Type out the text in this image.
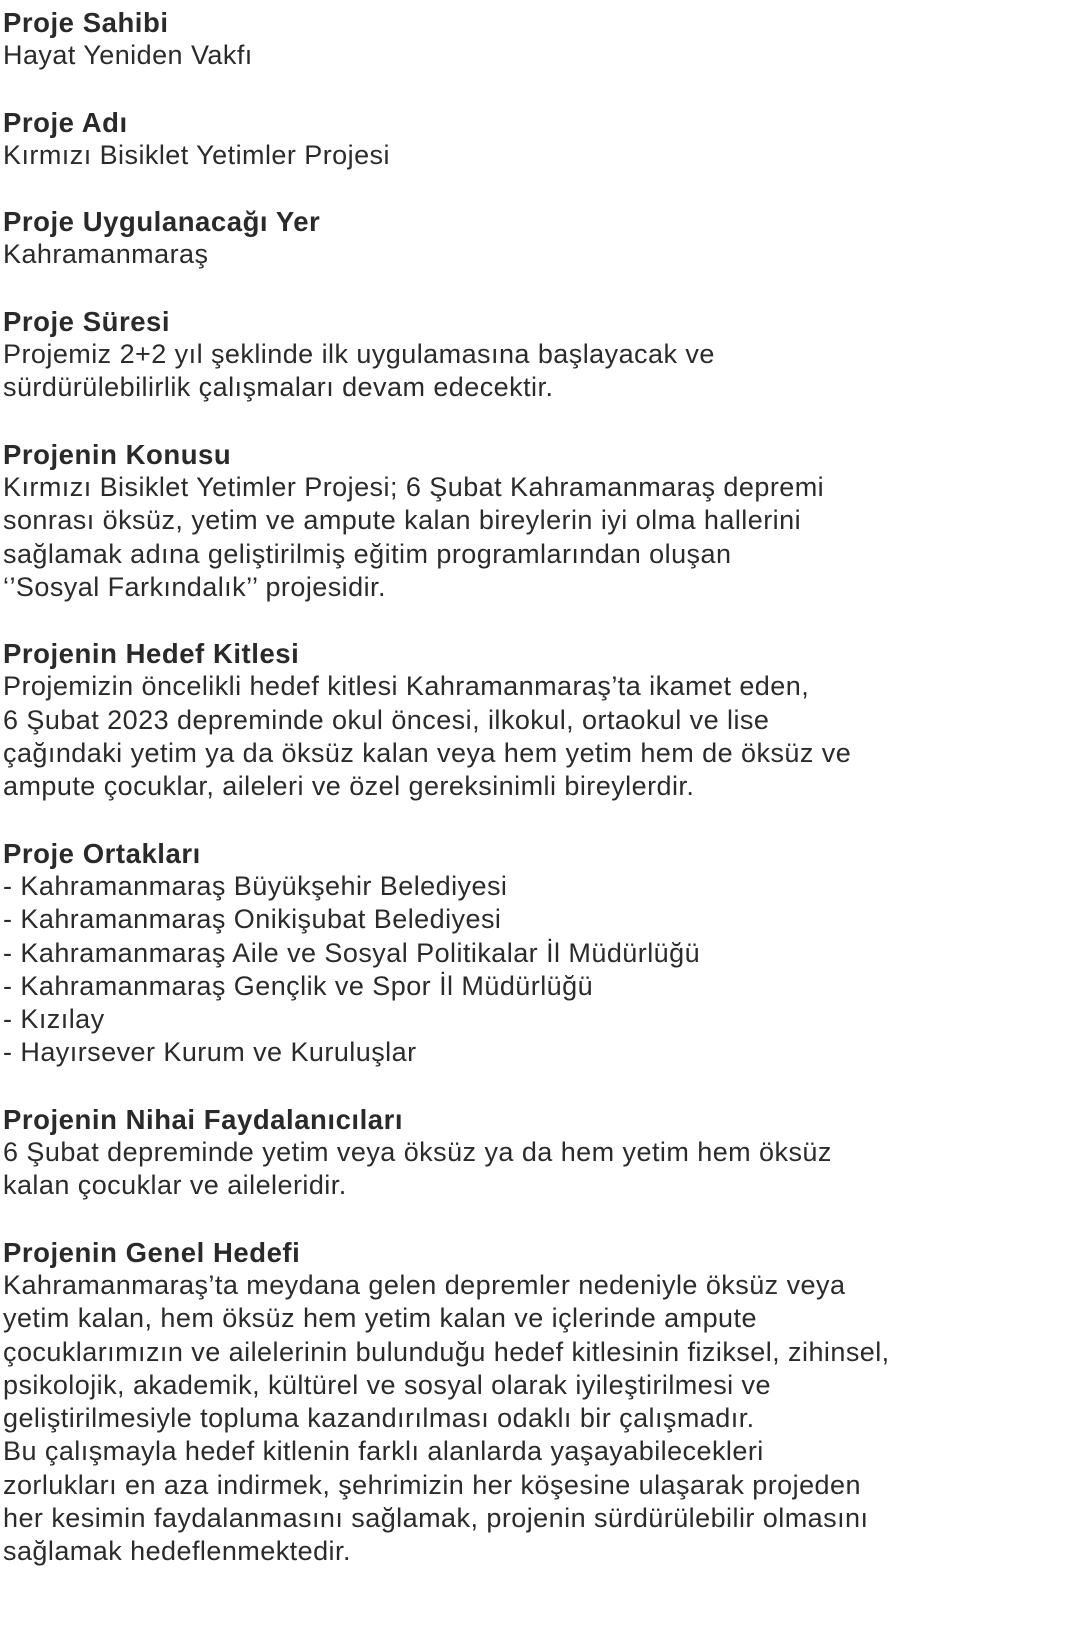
Proje Sahibi
Hayat Yeniden Vakfı
Proje Adı
Kırmızı Bisiklet Yetimler Projesi
Proje Uygulanacağı Yer
Kahramanmaraş
Proje Süresi
Projemiz 2+2 yıl şeklinde ilk uygulamasına başlayacak ve
sürdürülebilirlik çalışmaları devam edecektir.
Projenin Konusu
Kırmızı Bisiklet Yetimler Projesi; 6 Şubat Kahramanmaraş depremi
sonrası öksüz, yetim ve ampute kalan bireylerin iyi olma hallerini
sağlamak adına geliştirilmiş eğitim programlarından oluşan
‘’Sosyal Farkındalık’’ projesidir.
Projenin Hedef Kitlesi
Projemizin öncelikli hedef kitlesi Kahramanmaraş’ta ikamet eden,
6 Şubat 2023 depreminde okul öncesi, ilkokul, ortaokul ve lise
çağındaki yetim ya da öksüz kalan veya hem yetim hem de öksüz ve
ampute çocuklar, aileleri ve özel gereksinimli bireylerdir.
Proje Ortakları
- Kahramanmaraş Büyükşehir Belediyesi
- Kahramanmaraş Onikişubat Belediyesi
- Kahramanmaraş Aile ve Sosyal Politikalar İl Müdürlüğü
- Kahramanmaraş Gençlik ve Spor İl Müdürlüğü
- Kızılay
- Hayırsever Kurum ve Kuruluşlar
Projenin Nihai Faydalanıcıları
6 Şubat depreminde yetim veya öksüz ya da hem yetim hem öksüz
kalan çocuklar ve aileleridir.
Projenin Genel Hedefi
Kahramanmaraş’ta meydana gelen depremler nedeniyle öksüz veya
yetim kalan, hem öksüz hem yetim kalan ve içlerinde ampute
çocuklarımızın ve ailelerinin bulunduğu hedef kitlesinin fiziksel, zihinsel,
psikolojik, akademik, kültürel ve sosyal olarak iyileştirilmesi ve
geliştirilmesiyle topluma kazandırılması odaklı bir çalışmadır.
Bu çalışmayla hedef kitlenin farklı alanlarda yaşayabilecekleri
zorlukları en aza indirmek, şehrimizin her köşesine ulaşarak projeden
her kesimin faydalanmasını sağlamak, projenin sürdürülebilir olmasını
sağlamak hedeflenmektedir.
